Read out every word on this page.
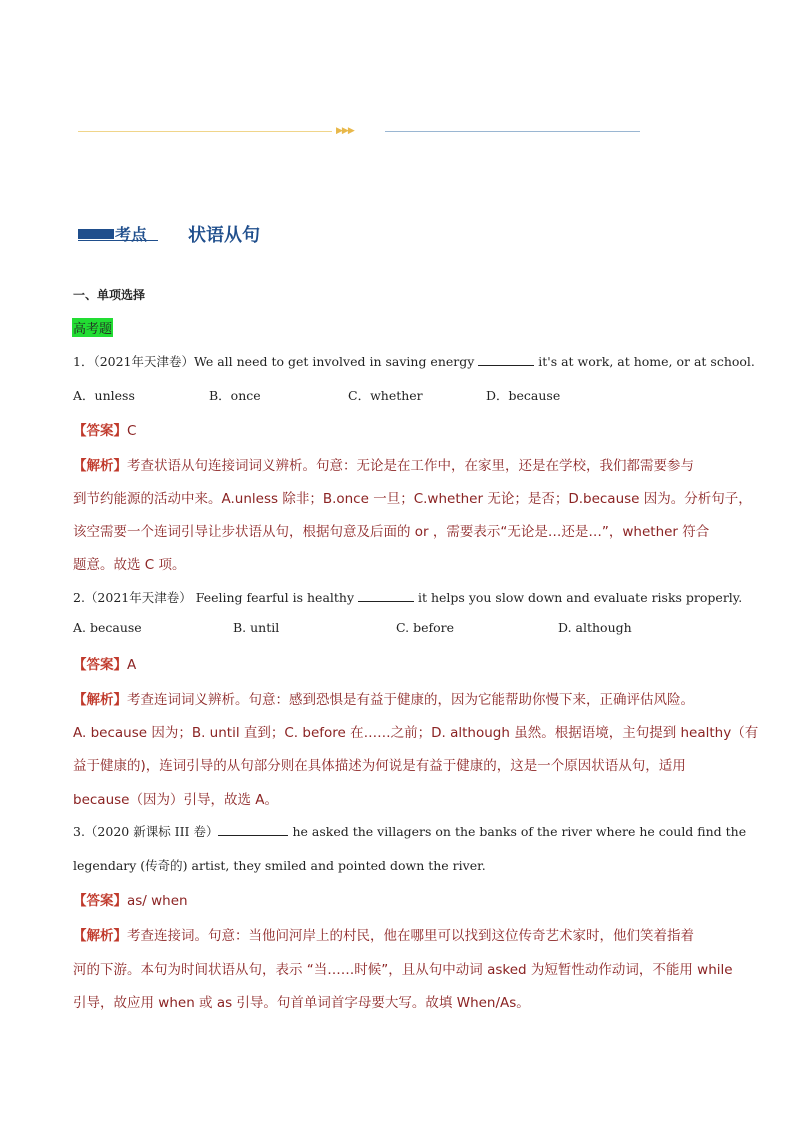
▶▶▶
考点 状语从句
一、单项选择
高考题
1．（2021年天津卷）We all need to get involved in saving energy	it's at work, at home, or at school.
A．unless	B．once	C．whether	D．because
【答案】C
【解析】考查状语从句连接词词义辨析。句意：无论是在工作中，在家里，还是在学校，我们都需要参与
到节约能源的活动中来。A.unless 除非；B.once 一旦；C.whether 无论；是否；D.because 因为。分析句子，
该空需要一个连词引导让步状语从句，根据句意及后面的 or ，需要表示“无论是…还是…”，whether 符合
题意。故选 C 项。
2.（2021年天津卷） Feeling fearful is healthy	it helps you slow down and evaluate risks properly.
A. because	B. until	C. before	D. although
【答案】A
【解析】考查连词词义辨析。句意：感到恐惧是有益于健康的，因为它能帮助你慢下来，正确评估风险。
A. because 因为；B. until 直到；C. before 在……之前；D. although 虽然。根据语境，主句提到 healthy（有
益于健康的)，连词引导的从句部分则在具体描述为何说是有益于健康的，这是一个原因状语从句，适用
because（因为）引导，故选 A。
3.（2020 新课标 III 卷）	he asked the villagers on the banks of the river where he could find the
legendary (传奇的) artist, they smiled and pointed down the river.
【答案】as/ when
【解析】考查连接词。句意：当他问河岸上的村民，他在哪里可以找到这位传奇艺术家时，他们笑着指着
河的下游。本句为时间状语从句，表示 “当……时候”，且从句中动词 asked 为短暂性动作动词，不能用 while
引导，故应用 when 或 as 引导。句首单词首字母要大写。故填 When/As。
